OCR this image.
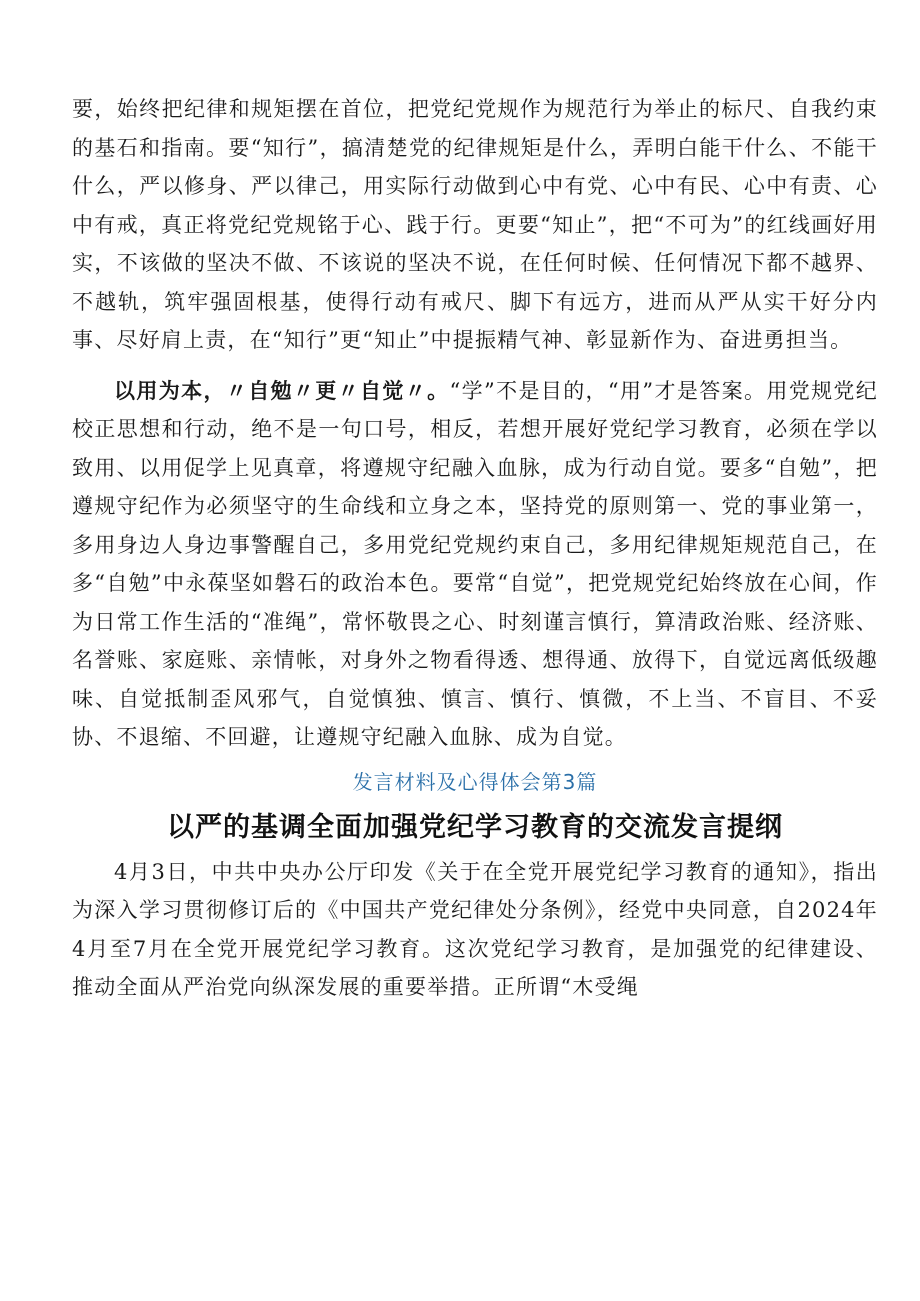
要，始终把纪律和规矩摆在首位，把党纪党规作为规范行为举止的标尺、自我约束的基石和指南。要“知行”，搞清楚党的纪律规矩是什么，弄明白能干什么、不能干什么，严以修身、严以律己，用实际行动做到心中有党、心中有民、心中有责、心中有戒，真正将党纪党规铭于心、践于行。更要“知止”，把“不可为”的红线画好用实，不该做的坚决不做、不该说的坚决不说，在任何时候、任何情况下都不越界、不越轨，筑牢强固根基，使得行动有戒尺、脚下有远方，进而从严从实干好分内事、尽好肩上责，在“知行”更“知止”中提振精气神、彰显新作为、奋进勇担当。

以用为本，〃自勉〃更〃自觉〃。“学”不是目的，“用”才是答案。用党规党纪校正思想和行动，绝不是一句口号，相反，若想开展好党纪学习教育，必须在学以致用、以用促学上见真章，将遵规守纪融入血脉，成为行动自觉。要多“自勉”，把遵规守纪作为必须坚守的生命线和立身之本，坚持党的原则第一、党的事业第一，多用身边人身边事警醒自己，多用党纪党规约束自己，多用纪律规矩规范自己，在多“自勉”中永葆坚如磐石的政治本色。要常“自觉”，把党规党纪始终放在心间，作为日常工作生活的“准绳”，常怀敬畏之心、时刻谨言慎行，算清政治账、经济账、名誉账、家庭账、亲情帐，对身外之物看得透、想得通、放得下，自觉远离低级趣味、自觉抵制歪风邪气，自觉慎独、慎言、慎行、慎微，不上当、不盲目、不妥协、不退缩、不回避，让遵规守纪融入血脉、成为自觉。

发言材料及心得体会第3篇
以严的基调全面加强党纪学习教育的交流发言提纲

4月3日，中共中央办公厅印发《关于在全党开展党纪学习教育的通知》，指出为深入学习贯彻修订后的《中国共产党纪律处分条例》，经党中央同意，自2024年4月至7月在全党开展党纪学习教育。这次党纪学习教育，是加强党的纪律建设、推动全面从严治党向纵深发展的重要举措。正所谓“木受绳
